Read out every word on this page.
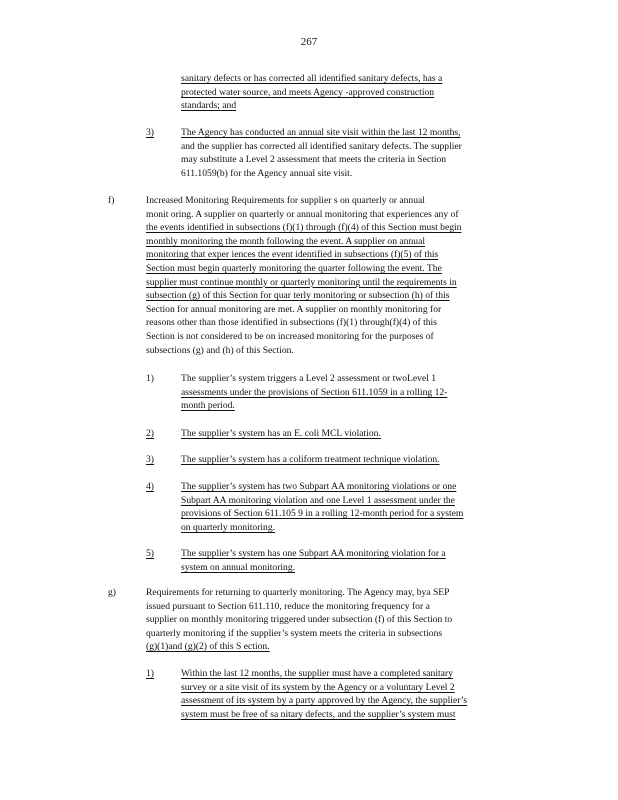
267
sanitary defects or has corrected all identified sanitary defects, has a
protected water source, and meets Agency -approved construction
standards; and
3)	The Agency has conducted an annual site visit within the last 12 months,
and the supplier has corrected all identified sanitary defects. The supplier
may substitute a Level 2 assessment that meets the criteria in Section
611.1059(b) for the Agency annual site visit.
f)	Increased Monitoring Requirements for supplier s on quarterly or annual
monit oring. A supplier on quarterly or annual monitoring that experiences any of
the events identified in subsections (f)(1) through (f)(4) of this Section must begin
monthly monitoring the month following the event. A supplier on annual
monitoring that exper iences the event identified in subsections (f)(5) of this
Section must begin quarterly monitoring the quarter following the event. The
supplier must continue monthly or quarterly monitoring until the requirements in
subsection (g) of this Section for quar terly monitoring or subsection (h) of this
Section for annual monitoring are met. A supplier on monthly monitoring for
reasons other than those identified in subsections (f)(1) through(f)(4) of this
Section is not considered to be on increased monitoring for the purposes of
subsections (g) and (h) of this Section.
1)	The supplier’s system triggers a Level 2 assessment or twoLevel 1
assessments under the provisions of Section 611.1059 in a rolling 12-
month period.
2)	The supplier’s system has an E. coli MCL violation.
3)	The supplier’s system has a coliform treatment technique violation.
4)	The supplier’s system has two Subpart AA monitoring violations or one
Subpart AA monitoring violation and one Level 1 assessment under the
provisions of Section 611.105 9 in a rolling 12-month period for a system
on quarterly monitoring.
5)	The supplier’s system has one Subpart AA monitoring violation for a
system on annual monitoring.
g)	Requirements for returning to quarterly monitoring. The Agency may, bya SEP
issued pursuant to Section 611.110, reduce the monitoring frequency for a
supplier on monthly monitoring triggered under subsection (f) of this Section to
quarterly monitoring if the supplier’s system meets the criteria in subsections
(g)(1)and (g)(2) of this S ection.
1)	Within the last 12 months, the supplier must have a completed sanitary
survey or a site visit of its system by the Agency or a voluntary Level 2
assessment of its system by a party approved by the Agency, the supplier’s
system must be free of sa nitary defects, and the supplier’s system must
